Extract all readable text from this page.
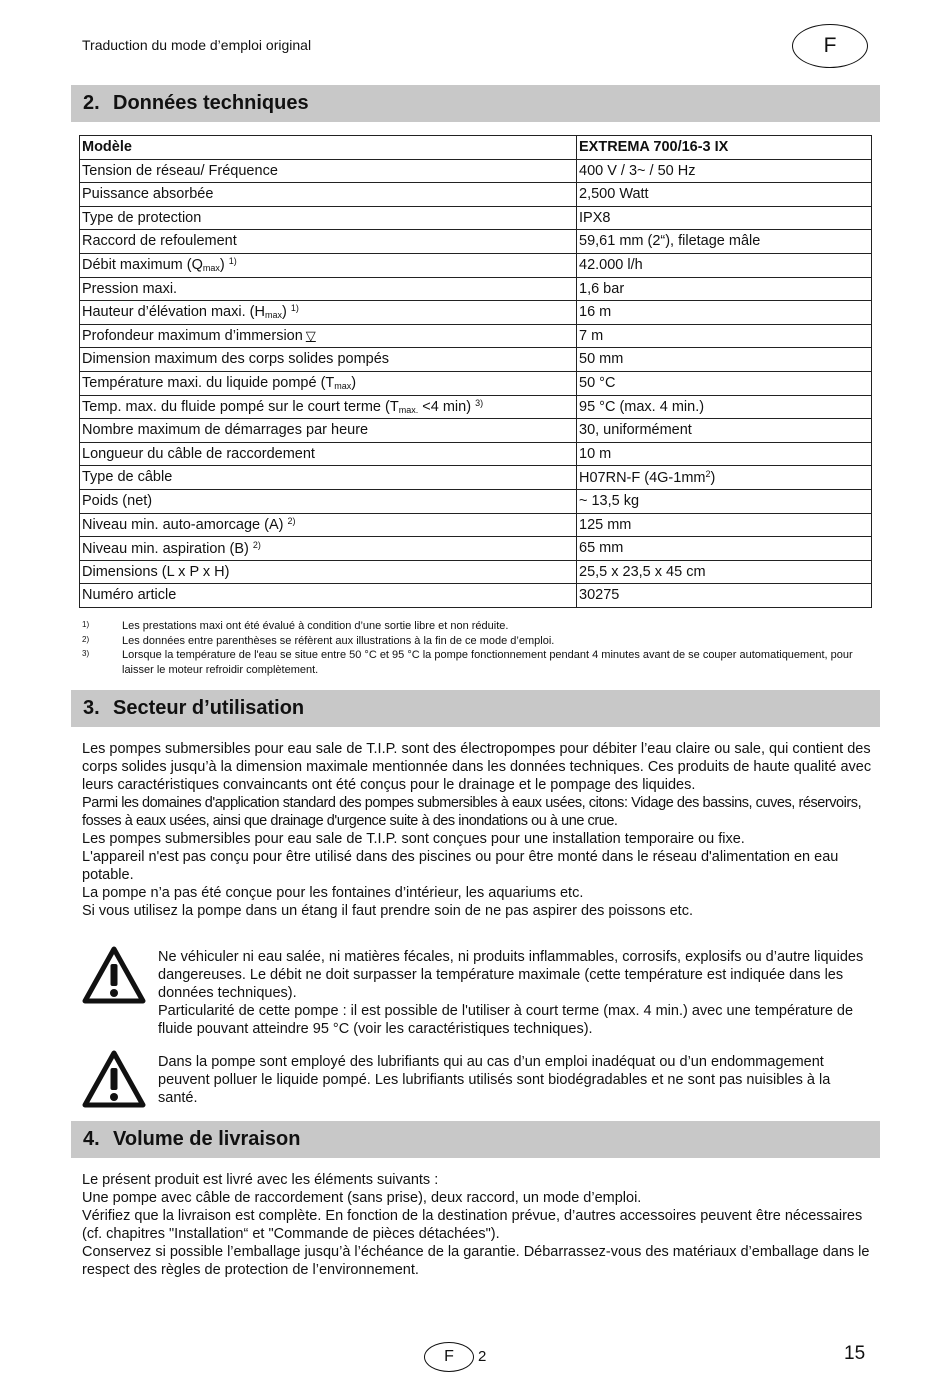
Traduction du mode d’emploi original	F
2. Données techniques
Modèle	EXTREMA 700/16-3 IX
Tension de réseau/ Fréquence	400 V / 3~ / 50 Hz
Puissance absorbée	2,500 Watt
Type de protection	IPX8
Raccord de refoulement	59,61 mm (2“), filetage mâle
Débit maximum $(Q_{max})$ $^{1)}$	42.000 l/h
Pression maxi.	1,6 bar
Hauteur d’élévation maxi. $(H_{max})$ $^{1)}$	16 m
Profondeur maximum d’immersion ▽	7 m
Dimension maximum des corps solides pompés	50 mm
Température maxi. du liquide pompé $(T_{max})$	50 °C
Temp. max. du fluide pompé sur le court terme ($T_{max.} <4$ min) $^{3)}$	95 °C (max. 4 min.)
Nombre maximum de démarrages par heure	30, uniformément
Longueur du câble de raccordement	10 m
Type de câble	H07RN-F $(4G-1mm^2)$
Poids (net)	~ 13,5 kg
Niveau min. auto-amorcage (A) $^{2)}$	125 mm
Niveau min. aspiration (B) $^{2)}$	65 mm
Dimensions (L x P x H)	25,5 x 23,5 x 45 cm
Numéro article	30275
1)	Les prestations maxi ont été évalué à condition d’une sortie libre et non réduite.
2)	Les données entre parenthèses se réfèrent aux illustrations à la fin de ce mode d’emploi.
3)	Lorsque la température de l'eau se situe entre 50 °C et 95 °C la pompe fonctionnement pendant 4 minutes avant de se couper automatiquement, pour laisser le moteur refroidir complètement.
3. Secteur d’utilisation

Les pompes submersibles pour eau sale de T.I.P. sont des électropompes pour débiter l’eau claire ou sale, qui contient des corps solides jusqu’à la dimension maximale mentionnée dans les données techniques. Ces produits de haute qualité avec leurs caractéristiques convaincants ont été conçus pour le drainage et le pompage des liquides.

Parmi les domaines d'application standard des pompes submersibles à eaux usées, citons: Vidage des bassins, cuves, réservoirs, fosses à eaux usées, ainsi que drainage d'urgence suite à des inondations ou à une crue.

Les pompes submersibles pour eau sale de T.I.P. sont conçues pour une installation temporaire ou fixe.

L'appareil n'est pas conçu pour être utilisé dans des piscines ou pour être monté dans le réseau d'alimentation en eau potable.

La pompe n’a pas été conçue pour les fontaines d’intérieur, les aquariums etc.

Si vous utilisez la pompe dans un étang il faut prendre soin de ne pas aspirer des poissons etc.

Ne véhiculer ni eau salée, ni matières fécales, ni produits inflammables, corrosifs, explosifs ou d’autre liquides dangereuses. Le débit ne doit surpasser la température maximale (cette température est indiquée dans les données techniques).

Particularité de cette pompe : il est possible de l'utiliser à court terme (max. 4 min.) avec une température de fluide pouvant atteindre 95 °C (voir les caractéristiques techniques).

Dans la pompe sont employé des lubrifiants qui au cas d’un emploi inadéquat ou d’un endommagement peuvent polluer le liquide pompé. Les lubrifiants utilisés sont biodégradables et ne sont pas nuisibles à la santé.

4. Volume de livraison

Le présent produit est livré avec les éléments suivants :

Une pompe avec câble de raccordement (sans prise), deux raccord, un mode d’emploi.

Vérifiez que la livraison est complète. En fonction de la destination prévue, d’autres accessoires peuvent être nécessaires (cf. chapitres "Installation“ et "Commande de pièces détachées").

Conservez si possible l’emballage jusqu’à l’échéance de la garantie. Débarrassez-vous des matériaux d’emballage dans le respect des règles de protection de l’environnement.

F 2	15
